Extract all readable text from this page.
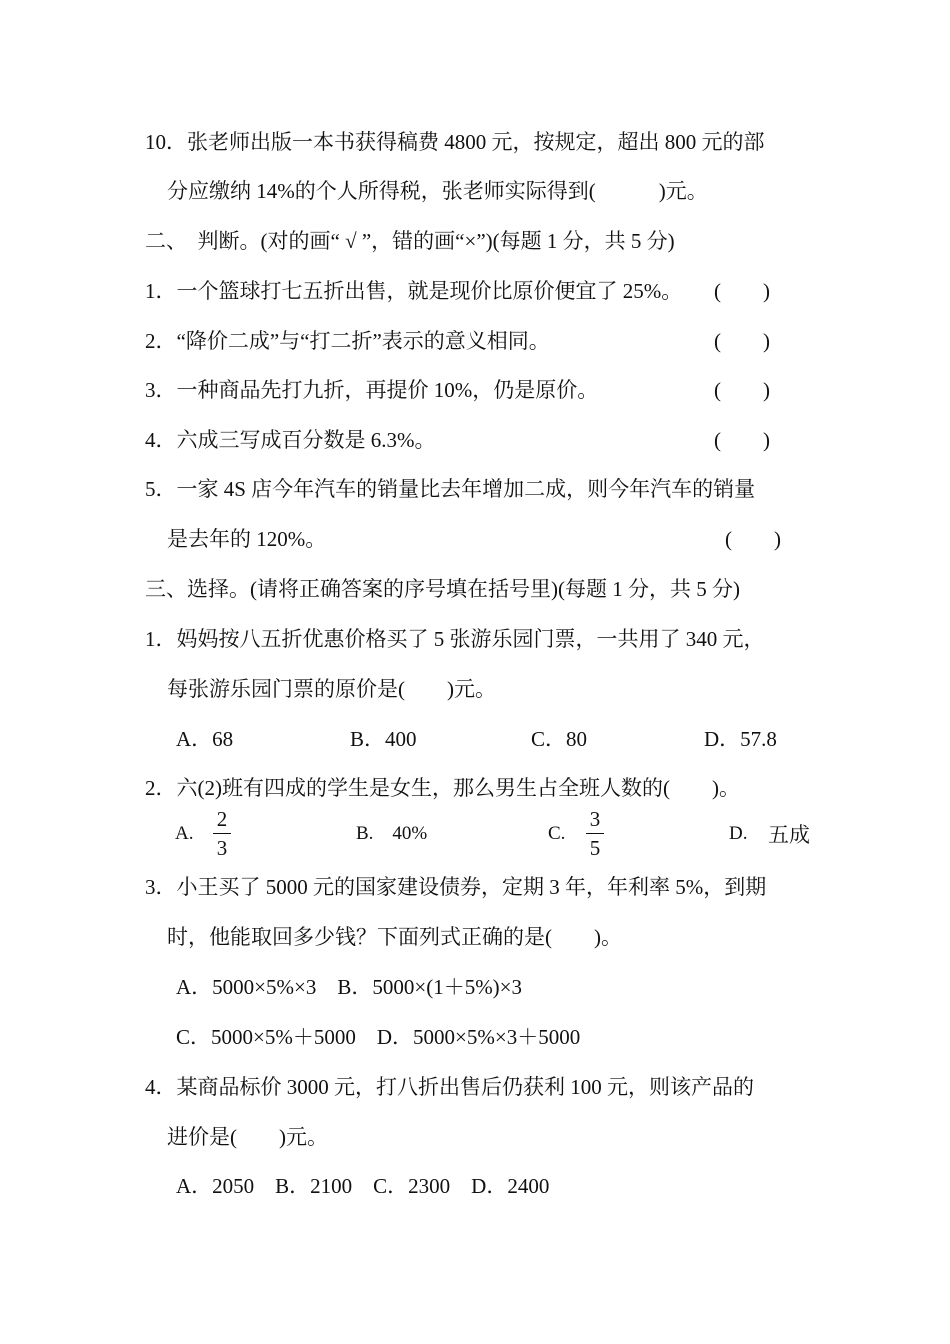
10．张老师出版一本书获得稿费 4800 元，按规定，超出 800 元的部
分应缴纳 14%的个人所得税，张老师实际得到(　　　)元。
二、　判断。(对的画“ √ ”，错的画“×”)(每题 1 分，共 5 分)
1．一个篮球打七五折出售，就是现价比原价便宜了 25%。 (　　)
2．“降价二成”与“打二折”表示的意义相同。	(　　)
3．一种商品先打九折，再提价 10%，仍是原价。	(　　)
4．六成三写成百分数是 6.3%。	(　　)
5．一家 4S 店今年汽车的销量比去年增加二成，则今年汽车的销量
是去年的 120%。	(　　)
三、选择。(请将正确答案的序号填在括号里)(每题 1 分，共 5 分)
1．妈妈按八五折优惠价格买了 5 张游乐园门票，一共用了 340 元，
每张游乐园门票的原价是(　　)元。
A．68	B．400	C．80	D．57.8
2．六(2)班有四成的学生是女生，那么男生占全班人数的(　　)。
A.
2
3
B.　40%	C.
3
5
D. 五成
3．小王买了 5000 元的国家建设债券，定期 3 年，年利率 5%，到期
时，他能取回多少钱？下面列式正确的是(　　)。
A．5000×5%×3　B．5000×(1＋5%)×3
C．5000×5%＋5000　D．5000×5%×3＋5000
4．某商品标价 3000 元，打八折出售后仍获利 100 元，则该产品的
进价是(　　)元。
A．2050　B．2100　C．2300　D．2400
